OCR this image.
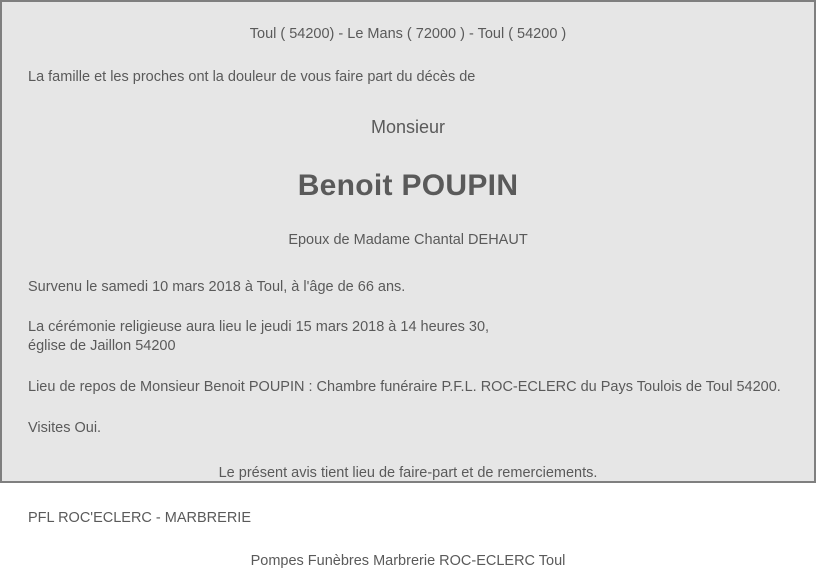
Toul ( 54200) - Le Mans ( 72000 ) - Toul ( 54200 )
La famille et les proches ont la douleur de vous faire part du décès de
Monsieur
Benoit POUPIN
Epoux de Madame Chantal DEHAUT
Survenu le samedi 10 mars 2018 à Toul, à l'âge de 66 ans.
La cérémonie religieuse aura lieu le jeudi 15 mars 2018 à 14 heures 30,
église de Jaillon 54200
Lieu de repos de Monsieur Benoit POUPIN : Chambre funéraire P.F.L. ROC-ECLERC du Pays Toulois de Toul 54200.
Visites Oui.
Le présent avis tient lieu de faire-part et de remerciements.
PFL ROC'ECLERC - MARBRERIE
Pompes Funèbres Marbrerie ROC-ECLERC Toul
